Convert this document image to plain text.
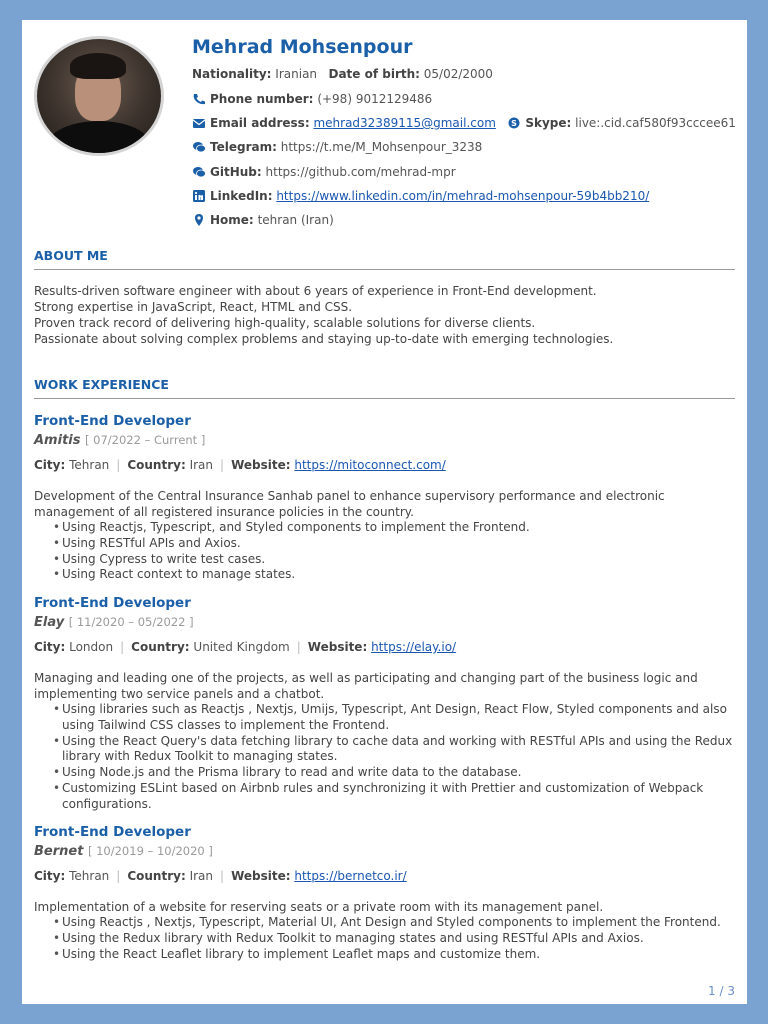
Mehrad Mohsenpour
Nationality: Iranian Date of birth: 05/02/2000
Phone number: (+98) 9012129486
Email address: mehrad32389115@gmail.com S Skype: live:.cid.caf580f93cccee61
Telegram: https://t.me/M_Mohsenpour_3238
GitHub: https://github.com/mehrad-mpr
LinkedIn: https://www.linkedin.com/in/mehrad-mohsenpour-59b4bb210/
Home: tehran (Iran)
ABOUT ME
Results-driven software engineer with about 6 years of experience in Front-End development.
Strong expertise in JavaScript, React, HTML and CSS.
Proven track record of delivering high-quality, scalable solutions for diverse clients.
Passionate about solving complex problems and staying up-to-date with emerging technologies.
WORK EXPERIENCE
Front-End Developer
Amitis [ 07/2022 – Current ]
City: Tehran | Country: Iran | Website: https://mitoconnect.com/
Development of the Central Insurance Sanhab panel to enhance supervisory performance and electronic management of all registered insurance policies in the country.
• Using Reactjs, Typescript, and Styled components to implement the Frontend.
• Using RESTful APIs and Axios.
• Using Cypress to write test cases.
• Using React context to manage states.
Front-End Developer
Elay [ 11/2020 – 05/2022 ]
City: London | Country: United Kingdom | Website: https://elay.io/
Managing and leading one of the projects, as well as participating and changing part of the business logic and implementing two service panels and a chatbot.
• Using libraries such as Reactjs , Nextjs, Umijs, Typescript, Ant Design, React Flow, Styled components and also using Tailwind CSS classes to implement the Frontend.
• Using the React Query's data fetching library to cache data and working with RESTful APIs and using the Redux library with Redux Toolkit to managing states.
• Using Node.js and the Prisma library to read and write data to the database.
• Customizing ESLint based on Airbnb rules and synchronizing it with Prettier and customization of Webpack configurations.
Front-End Developer
Bernet [ 10/2019 – 10/2020 ]
City: Tehran | Country: Iran | Website: https://bernetco.ir/
Implementation of a website for reserving seats or a private room with its management panel.
• Using Reactjs , Nextjs, Typescript, Material UI, Ant Design and Styled components to implement the Frontend.
• Using the Redux library with Redux Toolkit to managing states and using RESTful APIs and Axios.
• Using the React Leaflet library to implement Leaflet maps and customize them.
1 / 3
